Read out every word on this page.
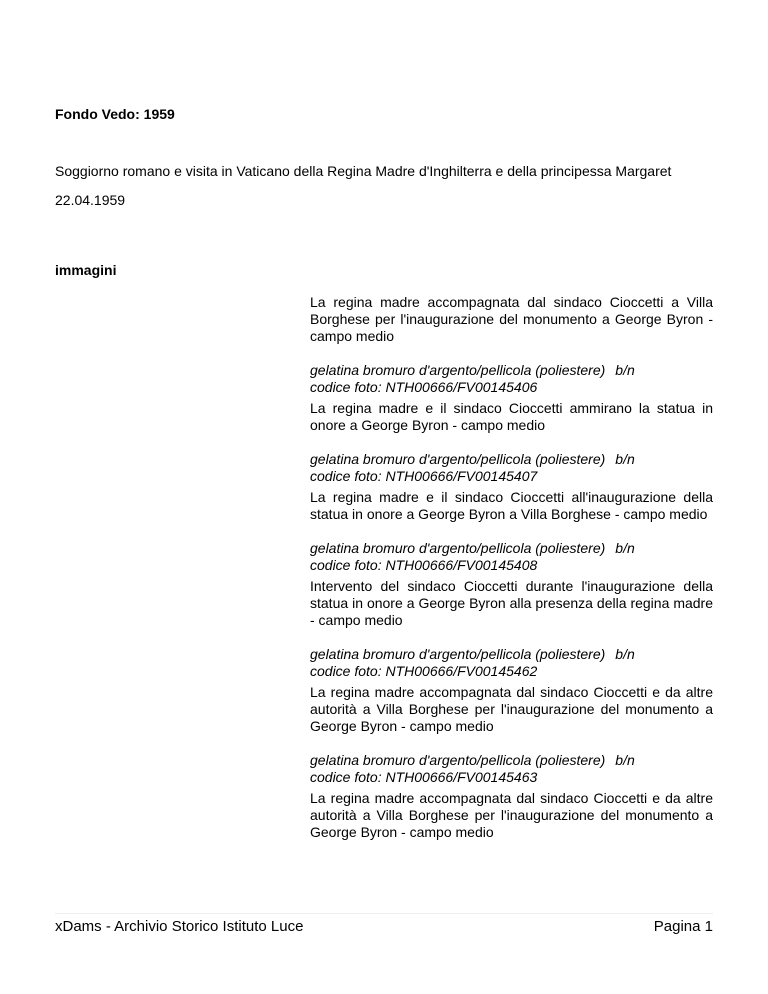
Fondo Vedo: 1959
Soggiorno romano e visita in Vaticano della Regina Madre d'Inghilterra e della principessa Margaret
22.04.1959
immagini
La regina madre accompagnata dal sindaco Cioccetti a Villa Borghese per l'inaugurazione del monumento a George Byron - campo medio
gelatina bromuro d'argento/pellicola (poliestere) b/n
codice foto: NTH00666/FV00145406
La regina madre e il sindaco Cioccetti ammirano la statua in onore a George Byron - campo medio
gelatina bromuro d'argento/pellicola (poliestere) b/n
codice foto: NTH00666/FV00145407
La regina madre e il sindaco Cioccetti all'inaugurazione della statua in onore a George Byron a Villa Borghese - campo medio
gelatina bromuro d'argento/pellicola (poliestere) b/n
codice foto: NTH00666/FV00145408
Intervento del sindaco Cioccetti durante l'inaugurazione della statua in onore a George Byron alla presenza della regina madre - campo medio
gelatina bromuro d'argento/pellicola (poliestere) b/n
codice foto: NTH00666/FV00145462
La regina madre accompagnata dal sindaco Cioccetti e da altre autorità a Villa Borghese per l'inaugurazione del monumento a George Byron - campo medio
gelatina bromuro d'argento/pellicola (poliestere) b/n
codice foto: NTH00666/FV00145463
La regina madre accompagnata dal sindaco Cioccetti e da altre autorità a Villa Borghese per l'inaugurazione del monumento a George Byron - campo medio
xDams - Archivio Storico Istituto Luce	Pagina 1
